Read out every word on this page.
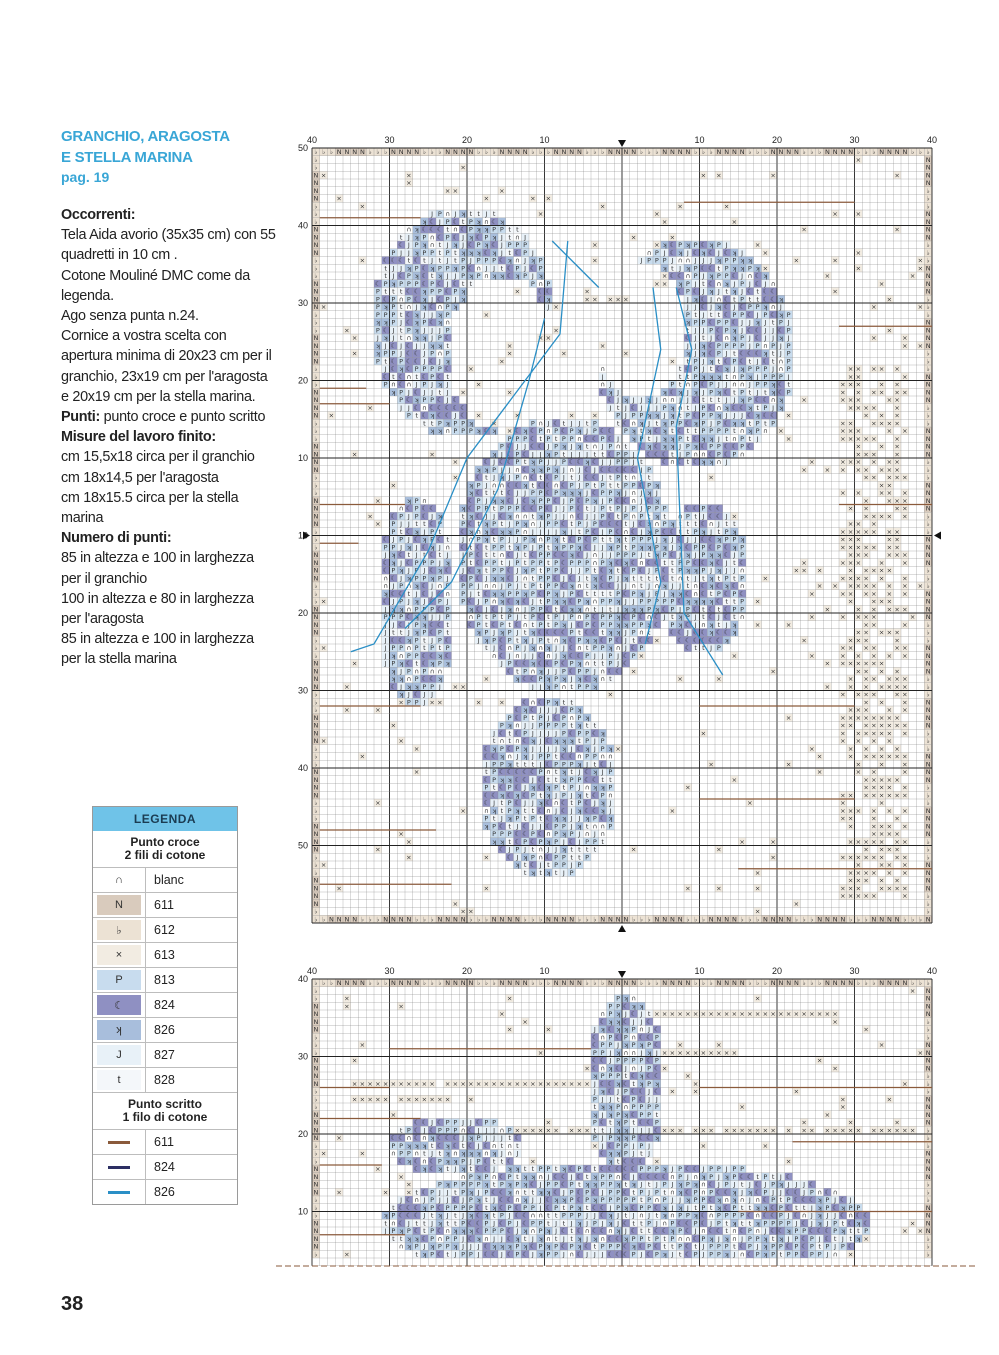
GRANCHIO, ARAGOSTA
E STELLA MARINA
pag. 19

Occorrenti:

Tela Aida avorio (35x35 cm) con 55 quadretti in 10 cm .

Cotone Mouliné DMC come da legenda.

Ago senza punta n.24.

Cornice a vostra scelta con apertura minima di 20x23 cm per il granchio, 23x19 cm per l'aragosta e 20x19 cm per la stella marina.

Punti: punto croce e punto scritto

Misure del lavoro finito:

cm 15,5x18 circa per il granchio

cm 18x14,5 per l'aragosta

cm 18x15.5 circa per la stella marina

Numero di punti:

85 in altezza e 100 in larghezza per il granchio

100 in altezza e 80 in larghezza per l'aragosta

85 in altezza e 100 in larghezza per la stella marina

LEGENDA
Punto croce
2 fili di cotone
∩	blanc
N	611
♭	612
×	613
P	813
☾	824
ʞ	826
J	827
t	828
Punto scritto
1 filo di cotone
611
824
826
♭ ♭ ♭ N N N N ♭ ♭ ♭ N N N N ♭ ♭ ♭ N N N N ♭ ♭ ♭ N N N N ♭ ♭ ♭ N N N N ♭ ♭ ♭ N N N N ♭ ♭ ♭ N N N N ♭ ♭ ♭ N N N N ♭ ♭ ♭ N N N N ♭ ♭ ♭ N N N N ♭ ♭ ♭ N N N N ♭ ♭ ♭
♭	×	N
♭	×	N
N ×	×	× ×	×	×	N
N	×	N
N	× ×	×	♭
N	×	×	× ×	♭
♭	×	×	×	×	♭
♭	J P ∩ J ʞ t t J t	×	×	×	×	N
♭	ʞ ☾ J P ☾ t P ʞ ∩ ☾ ʞ	×	×	N
N	∩ ʞ ☾ ☾ ☾ t ∩ ☾ P ʞ ʞ P P t t	×	×	N
N	t J ʞ P ∩ ☾ P ☾ J ʞ ☾ P ʞ J t ∩ J	×	×	N
N	☾ J P ʞ ∩ t J ʞ J ☾ P ʞ ☾ J P P P	×	× ʞ ☾ P ʞ P ☾ ʞ P J	×	♭
N	P J J ʞ P P t P t ʞ ʞ ʞ ☾ ʞ J t ☾ P J	∩ P J ☾ ʞ J ☾ ʞ ☾ J ☾ ʞ J	×	×	♭
♭	×	☾ ☾ ☾ t ☾ t J t J t P J P P P ☾ ʞ ∩ J ʞ P	×	J P P P J ∩ ∩ J J J ʞ P P ʞ ʞ	×	×	× ♭
♭	t J J ʞ P ☾ ʞ P P ʞ P ☾ ∩ J J t ☾ P J ☾ P	ʞ t J ʞ P ☾ ☾ t P ʞ ʞ P ʞ ×	×	× N
♭	t J ☾ P ʞ ☾ t ʞ J J P ʞ P ∩ ʞ ʞ ☾ ʞ P J ʞ	× ☾ ☾ ∩ P J ʞ P P ☾ J ∩ ☾ ʞ	×	× N
N	☾ P ʞ P P P ☾ P ☾ J ☾ t t	P ∩ P	× × ʞ P J t ☾ ∩ ʞ J P J ☾ J ∩	×	N
N	P t t t ☾ ☾ ʞ P P ☾ P ʞ	×	☾ ☾	×	☾ P ☾ J ʞ J t ʞ J ☾ t ☾ ☾	×	N
N	P ☾ P ∩ P ☾ ʞ J ☾ P J ʞ	☾ ʞ	× × × × ×	J ʞ ☾ J ∩ ☾ t P t t ☾ ☾ ʞ	×	♭
N ×	P ʞ P t ∩ J ʞ ☾ ∩ P ʞ	J ×	J J ☾ J ʞ ☾ J ☾ P P ʞ ∩ J	×	× ♭
♭	P P P t ☾ ʞ J J ʞ P	×	P t J t t ☾ P P ☾ J P ☾ ʞ P	♭
♭	ʞ ʞ P J ☾ ʞ P ☾ ʞ ∩	ʞ P P ☾ P P ☾ J J ʞ J t P J	N
♭	×	P ☾ J t P ʞ J J J P	×	t J J P ☾ P ʞ J ☾ ☾ J J ☾ P	×	N
N	×	J ʞ J t ∩ ʞ ʞ J P ☾	× ×	☾ J t J ☾ ∩ ʞ P J ☾ J J ʞ J	×	×	N
N	ʞ J ☾ J ☾ J J ʞ ʞ t	×	×	J J ʞ ☾ P P P P J P ∩ P J P	× × N
N	×	ʞ P P J ☾ ☾ J P ∩ P	×	×	×	ʞ J ʞ ☾ P J t ☾ ☾ ☾ ʞ t J P	♭
N	P t ☾ P ☾ ☾ J ☾ J ʞ	×	× t P J ʞ t ☾ P ☾ t J ☾ t ∩ P	♭
♭	J ☾ ʞ ☾ P P P P ☾	×	∩	t ☾ P J t ☾ ʞ J ʞ P P P J ∩ P	× × × × ×	♭
♭	☾ t ☾ ∩ t ☾ P ☾ t	J	t t P ʞ ʞ ʞ t ∩ P ʞ J P P P J	× ×	×	N
♭	P ∩ ☾ ∩ J P J ʞ J	×	∩ J	P t ∩ P ☾ P J J ∩ ∩ J P P ʞ ☾ t	× × ×	× ×	N
N	ʞ P J ☾ J J t J ×	×	☾ ʞ J	ʞ ☾ ʞ J ʞ J P ʞ ☾ t P t J t ʞ ☾ P	× × × × × ×	N
N	P ☾ ʞ P P ☾ J ☾	☾ J ʞ J J ʞ J ∩ ∩ J J ☾ t t t J J ʞ P ☾ ☾ ∩ ʞ	×	× × ×	× ×	N
N	×	J J ☾ ∩ ☾ ☾ ☾ ☾ ☾	J t J ☾ J J J P ʞ ∩ t J P ☾ ∩ ʞ ☾ ☾ ʞ t P J ʞ	× × × ×	×	♭
N ×	P t ☾ ʞ ☾ ☾ J ☾ ×	×	×	×	P J P P ʞ ʞ J ʞ t P ☾ P P ʞ J J J ☾ ʞ ☾ ☾ ×	× × ×	♭
♭	t t P ʞ P P ʞ	×	P ∩ J ☾ t J J t P	t ☾ ∩ ʞ J t ʞ P P ☾ ʞ P J P ☾ ʞ ʞ t P t P	× ×	× × × ×	♭
♭	ʞ ʞ ∩ P P P ʞ ☾ ʞ × ☾ ʞ ☾ P ∩ P ☾ P ʞ J P ☾ ☾ P ʞ t ʞ ☾ ʞ t ☾ t t P P P P t ∩ ʞ P ∩ ×	× × ×	× ×	N
♭	P P P ☾ t P t P P ∩ ☾ ☾ P ☾ J ʞ P t J ʞ ʞ P t ☾ ʞ ʞ J t ∩ P t J	×	× × × × ×	×	N
N	P ☾ J J ☾ ☾ J P ʞ J ʞ t ∩ J P ∩ t ☾ ʞ ☾ ʞ ʞ J P ʞ ☾ P P ☾ ☾ P ☾	×	× ×	N
N	×	×	ʞ J ☾ P ☾ J J ʞ P t J J J t t ☾ P P J ☾ ☾ ☾ t J P ∩ ∩ ☾ P ☾ P ∩	× × ×	×	N
N	×	☾ J ☾ ☾ P t ʞ P J J P ☾ ☾ ʞ ☾ J J P P J t	☾ ∩ ☾ t ☾ ʞ ʞ ∩ J	×	× × × × × ×	♭
N	ʞ ʞ P J J ∩ ☾ ʞ ʞ P ʞ J ∩ J ☾ J ☾ ☾ ☾ ☾ ☾ J P	×	× × × × × × ×	♭
♭	×	☾ t J ʞ J P ∩ ☾ t ☾ P J t J ☾ ☾ J t P t ∩ J t	×	× × × × ×	♭
♭	×	ʞ P J ∩ ∩ ☾ ☾ ʞ t ☾ ☾ ∩ ☾ P J P t P t t P P ☾ P ʞ	× ×	N
♭	ʞ ☾ t t t ☾ J J P P ☾ P ʞ ʞ ʞ J ☾ P P ʞ J ∩ J ʞ J	× ×	× × ×	N
N	×	ʞ P ∩	☾ P J ʞ ʞ ☾ J ☾ ʞ P P ☾ J P ☾ P ʞ J P ☾ ☾ ∩ J ☾ ʞ	×	× × ×	N
N	∩ ☾ P ☾ ☾	ʞ ☾ P P t P P P ☾ ☾ P ☾ J J P ☾ t J P t P J P J P P P	☾ ☾ P ☾ ☾	× ×	× ×	N
N	×	☾ P J P ☾ J ʞ	t ʞ ☾ J J ☾ ʞ ∩ ∩ t ʞ P J J ∩ ☾ J J P ☾ t P ∩ P t ʞ t ∩ P t J ☾ ☾ J ×	× × × × ×	♭
N	× P J J t t ☾ P	P ☾ t ʞ P t J P ʞ ∩ J P P ☾ t P J P ☾ ☾ ☾ t J ☾ ʞ ∩ P ʞ t t t ☾ ∩ J t t	× × ×	♭
♭	P t ☾ ʞ J P t	☾ ʞ ∩ ʞ ☾ ʞ ʞ P ∩ J J J J ʞ J t P ☾ J P ☾ ∩ ☾ J ʞ P ☾ ☾ t t P ʞ J t P ʞ	× × × × × × ×	♭
♭	☾ J P J ☾ ʞ P ☾ t J ∩ P ʞ t P J J P ʞ ∩ P ʞ t ☾ P ☾ P t t ʞ t P P P J ʞ J ☾ J J ☾ ☾ ʞ P P ʞ	× × ×	× ×	N
♭	P P J ʞ J ☾ ʞ J ∩ ☾ t ☾ t P P t ʞ P J P t ʞ P P ʞ ☾ J J ʞ P t P ʞ ʞ P ʞ J ʞ ☾ P P ☾ P ☾ ʞ P	× × × × × × ×	N
N	J ʞ ☾ t J t ☾ t J J P ☾ t t ∩ ☾ J t ☾ P P ☾ ☾ ʞ ☾ J ∩ J J P P P J t ʞ P ☾ J ʞ J P ʞ ʞ ☾ J P	× × ×	× × ×	N
N	☾ ʞ J ☾ P P P J ʞ P t ☾ P P t J P t P P t P ☾ P P P ∩ P ʞ ☾ ʞ ☾ ∩ ☾ ☾ t t P P ☾ ☾ ʞ ☾ J t ☾	×	× × ×	×	×	N
N	☾ P ʞ J P J ☾ ʞ ☾ J ☾ ʞ t P P ☾ J ʞ P t P P ☾ J J P t ☾ ʞ t ☾ P ☾ J P ☾ t P ʞ ʞ P J ʞ J J ∩	× × ×	× × × × ×	♭
N	∩ ☾ J ʞ P P ʞ P J ☾ P ☾ J ʞ ʞ ☾ J ∩ t P P ☾ J ☾ J t ʞ ☾ P J ʞ t t t t ☾ t ∩ t J t ʞ t P t P	×	× × × × ×	×	♭
♭	∩ J P ∩ ʞ ☾ J ∩ P P P J ∩ ∩ J P J t P t P P ☾ ʞ ∩ t ʞ ☾ ☾ J J ∩ t J ∩ ʞ J J t ∩ ☾ ʞ ☾ ʞ ☾ ∩	× × × × × × × × × ♭
♭	ʞ ☾ ☾ t J ☾ J ☾ ∩ P J t ☾ ʞ ʞ P P ʞ P ☾ P ʞ J P ☾ t t t t P ☾ P ʞ J P J ʞ ʞ ☾ ∩ ☾ t P ☾ P ☾	×	× × × × × ×	N
♭ ×	☾ J P J ʞ J ☾ P J P ☾ J P ∩ ʞ ☾ ʞ ☾ J t P ʞ ʞ ☾ P ʞ ∩ P P ʞ J J P P P P P ☾ ʞ ʞ ʞ ʞ ☾ t t P ×	×	× × ×	N
N	J ʞ ʞ ∩ P P P ☾ P	ʞ ☾ J ☾ J ʞ ∩ J P P ☾ t ☾ ʞ ʞ ∩ t J t J ʞ ʞ ʞ P ʞ ☾ P J P ☾ t ☾ t ☾ P P	×	× × × × ×	N
N	P P P ☾ ʞ ʞ J J P	∩ P t P t P J t P ☾ t P J P ∩ P ☾ P P ʞ ☾ P ☾ ∩ ☾ J t ʞ P J t ☾ J ☾ t ∩	×	× × × ×	× N
N	J J ☾ J P ʞ ☾ ☾ t	☾ P t ☾ P t ☾ ∩ t P t P ʞ J ☾ P ☾ P P ʞ ʞ P P ʞ ☾ P ʞ ☾ J ∩ ʞ t J ʞ	×	×	× ×	×	♭
N	J t t J ʞ P ☾ P t	ʞ P J ʞ P J t ʞ ☾ ☾ ☾ ☾ P t ☾ ☾ t ʞ ʞ J P ∩ t	☾ ☾ J ☾ ☾ ʞ ☾ ☾ ʞ	× × × × ×	♭
♭	J ☾ ☾ ʞ P t J P ☾	J ʞ P ☾ P t ʞ J P t ∩ ʞ ☾ P ʞ ʞ ☾ P ☾ J t ☾ ☾ ×	☾ ☾ ☾ ☾ ☾ ☾ ʞ	×	× × ×	×	♭
♭ ×	J P P ∩ P t P t P	t J ☾ ∩ P J ʞ ∩ ʞ J J ☾ ∩ t P P ʞ ∩ J ☾ P	☾ t t J P	× × × ×	× ×	N
♭	J ʞ ∩ P P ☾ ☾ ʞ ☾	∩ ☾ J ∩ J J ☾ ∩ J ʞ ☾ ☾ P J J P J ☾ P ×	×	×	× × × × ×	N
N	×	J P ʞ ☾ t ☾ ʞ P ʞ	J P ☾ ☾ ʞ ☾ ☾ P ☾ P ʞ ∩ t t P J ☾	× × × × × × ×	N
N	ʞ J P ∩ P ∩ ∩	☾ t P ∩ ʞ J J P ☾ P P J ∩ ☾ ☾ ×	×	× × × ×	N
N	ʞ ʞ ∩ P ☾ ☾ ʞ	×	ʞ ☾ ☾ P ʞ P ʞ J ʞ ☾ ʞ ∩ t	×	×	× × × × × ×	♭
N	×	☾ J ʞ ʞ P P J × ×	J J ʞ P ∩ t P P ʞ	×	× × × × × ×	♭
♭	ʞ J ☾ J J	×	× × × ×	× ×	♭
♭	× P P J × ×	×	×	☾ ∩ ☾ P ʞ t t	× ×	×	N
♭	×	×	☾ ʞ ☾ J J J ☾ P ʞ	× × ×	× ×	N
N	P ☾ P t P J ☾ P ∩ P ʞ	×	× × × × × × × ×	N
N	×	P ʞ ∩ J J P P P P t ʞ t t	× × × × × × × ×	N
N	J ☾ t ☾ P J J J J P ☾ P P ☾ ʞ	×	× × × × × × ×	♭
N ×	×	t ∩ t ∩ ☾ ʞ J ☾ ʞ ʞ ʞ t P J P	× × × ×	♭
♭	×	☾ ʞ P ☾ P ʞ J J J J ʞ J ☾ ʞ J P ʞ ×	×	× × × ×	♭
♭	×	☾ ☾ ʞ ∩ J ʞ J P P t ☾ ☾ ∩ P P ∩ ∩	×	× × × × × × ×	N
♭	J P P ʞ t t t J ☾ P P P ʞ J t ☾ J	×	×	×	×	×	N
N	×	t P ☾ ☾ ☾ ☾ ☾ P ∩ t ʞ t J ☾ ʞ J P	×	× ×	×	N
N	☾ P ʞ ʞ ☾ ☾ J ☾ t t ʞ P P ☾ ☾ t t	×	× × × × ×	N
N	P t ☾ P ☾ J ʞ ☾ ʞ P t P J ∩ ʞ ʞ P	×	× × × × ×	♭
N	☾ ☾ ʞ ☾ ʞ ☾ P t ʞ J P J ʞ t ☾ P ∩	× × × × × × × ×	♭
♭	×	☾ J t P ☾ J J ʞ ☾ ∩ ☾ t P ☾ J ʞ J	×	×	×	♭
♭	×	∩ ʞ t P ʞ t t ☾ ∩ J ☾ J ʞ ☾ ☾ ʞ J	×	× × × × × ×	N
♭	P t J ʞ P t P t ☾ ʞ ʞ J J ʞ P ☾ ʞ	× ×	×	×	N
N	ʞ P ☾ t J ☾ J J ☾ P P J ʞ t ∩ ∩ P	×	× × × ×	N
N	×	P P P ☾ ☾ P ☾ ∩ P ʞ P J ∩ J ∩	× × × ×	N
N	×	ʞ ʞ t ☾ P ☾ P ʞ P J ☾ J P P t	×	×	× × × × × × ×	♭
N	×	☾ J P J t ∩ J J ʞ t t t t	×	×	× × × ×	♭
♭	×	×	☾ J ʞ P ∩ ☾ P P t t P	×	× × × × × × × ×	♭
♭ ×	ʞ t ☾ J t P P J P	×	× × ×	N
♭	t ʞ t ʞ t J P	×	× × × × × ×	N
N	× × × × ×	N
N	×	×	×	×	×	× × ×	× × × ×	N
N	× × × × ×	×	♭
N	×	×	♭
♭	× ×	×	♭
♭ ♭ N N N N ♭ ♭ ♭ N N N N ♭ ♭ ♭ N N N N ♭ ♭ ♭ N N N N ♭ ♭ ♭ N N N N ♭ ♭ ♭ N N N N ♭ ♭ ♭ N N N N ♭ ♭ ♭ N N N N ♭ ♭ ♭ N N N N ♭ ♭ ♭ N N N N ♭ ♭ ♭ N N N N ♭ ♭ ♭ N
40	30	20	10	10	20	30	40
50
40
30
20
10
10
20
30
40
50
♭ ♭ ♭ N N N N ♭ ♭ ♭ N N N N ♭ ♭ ♭ N N N N ♭ ♭ ♭ N N N N ♭ ♭ ♭ N N N N ♭ ♭ ♭ N N N N ♭ ♭ ♭ N N N N ♭ ♭ ♭ N N N N ♭ ♭ ♭ N N N N ♭ ♭ ♭ N N N N ♭ ♭ ♭ N N N N ♭ ♭ ♭
♭	× N
♭	×	×	P ʞ ∩	×	N
N	×	×	P P ☾ ʞ ʞ	N
N	×	∩ P ʞ J ☾ J t × × × × × × × × × × × × × × × × × × × × × × × ×	N
N	×	☾ ʞ ʞ ☾ J J ☾	×	♭
N	×	×	J ʞ ☾ ʞ ʞ P ∩ J ☾	×	♭
♭	☾ ∩ P ☾ P ∩ ☾ ☾ P	♭
♭	×	☾ P P J ʞ P ʞ P ☾	×	×	×	N
♭	×	P P J ʞ ∩ ∩ J ʞ J × × × × × × × × × ×	× N
N	×	☾ ☾ J P P P P ☾ P	×	N
N	× ☾ ∩ ʞ ☾ J ∩ J P ☾ ×	×	N
N	ʞ P P P t ☾ ʞ ☾ ☾	×	♭
N	× × × × × × × × × × × × × × × × × × × × × × × × × × × × × × J ☾ ☾ ʞ ☾ t ʞ P ʞ	×	×	♭
♭	J ʞ ☾ J P ☾ ☾ J ☾ ×	×	×	♭
♭	× × × × × × × × × × × ×	×	P J J t ☾ P ☾ J J	×	×	N
♭	t ʞ ʞ P ∩ P P P P	×	×	N
N	×	ʞ J ʞ P ʞ ☾ P P t	×	N
N	☾ ☾ J ☾ P P J J ☾ P P	×	P ☾ t ʞ P t ☾ ☾ P	×	×	×	N
N	t P ☾ J ☾ P P P ∩ ☾ J J J ∩ P × × × × × × × × × t t J ʞ ʞ J J J ☾ × × × × × × × × × × × × × × × × × × × × × × × × × × × ♭
N	×	☾ ☾ ∩ ☾ ∩ ʞ ☾ ☾ ☾ J ʞ P J J J t ☾	P J P ʞ ʞ P ☾ ☾ ʞ	♭
♭	P P ʞ ʞ ʞ t ☾ ʞ ☾ t ☾ J ☾ ∩ t ∩ t	× J ☾ P P J P J	×	×	♭
♭ ×	×	∩ P P ∩ t J t ʞ ∩ ʞ ʞ ʞ ∩ ʞ J ∩ J	☾ ʞ ʞ P J t J	N
♭	☾ ʞ ☾ ∩ ☾ P ʞ ʞ P J P ☾ t t ☾	×	ʞ t ☾ ☾ ☾ ×	×	N
N	×	☾ ʞ ☾ ʞ t J ʞ t ☾ ☾ J ʞ ʞ t t P P t ʞ ☾ P ☾ t ☾ ☾ ☾ ☾ ☾ P P P ʞ J P ☾ ☾ J P P J P P	N
N	×	∩ P ʞ P ∩ ☾ P t ʞ ʞ ∩ J ☾ ☾ J ☾ t ʞ P P ∩ ☾ J ☾ ☾ ☾ ☾ ∩ P J ∩ ʞ P J ʞ P ☾ ☾ t P t J ☾	N
N	×	P ʞ P P P P ʞ t P ʞ P ʞ ☾ J P P ☾ P t ʞ ʞ P P ʞ t ʞ J t J P J ʞ P ʞ ∩ ☾ J P J t J ☾ J P ʞ J J J ☾	♭
N	×	×	× t ☾ P J J t P ʞ J P ☾ ☾ ʞ ∩ t t ʞ ʞ ☾ J P ☾ P ☾ J P P ☾ t P J P t ∩ ʞ ☾ P ∩ P ☾ ☾ ʞ J ʞ ☾ P J J ☾ ☾ J P ∩ ☾ ∩	♭
♭	J ☾ ∩ J P J J ☾ J P ʞ t J ☾ ☾ ∩ ʞ J J ☾ ʞ ʞ P ☾ P ʞ P P P P P t P ∩ P J J ʞ P P ☾ ʞ ∩ ʞ ∩ J ∩ ☾ P t P ☾ ☾ ☾ ʞ P J ☾ J	♭
♭	t ☾ ☾ ☾ ʞ P ☾ P P P P ☾ t ʞ ☾ P ☾ P P J ☾ P t P ʞ t ☾ ☾ J P ʞ ☾ P P ☾ ʞ J ʞ J t P t ʞ ☾ P t t ʞ ʞ ☾ P ☾ t t J ʞ P ☾ ʞ P P	N
♭	ʞ P ☾ ☾ ☾ J t ʞ J t J ʞ ☾ ʞ t P J ☾ ☾ ∩ ∩ t t P P P J J ☾ ʞ J t J ∩ J t ʞ ∩ P P ʞ ☾ ∩ P P P P ☾ ∩ ☾ ☾ P J ☾ ∩ J ʞ J J ☾ ∩ ☾ ☾	N
N	t ∩ ☾ J t t J ʞ t t P ☾ ☾ P J ☾ P J ☾ P P t J t J ʞ J P J ʞ J ☾ t t P J ∩ P ☾ ☾ P ☾ J P t ʞ t t ʞ P P P P J ☾ J ʞ J P t ☾ ʞ ☾	× N
N	J P ʞ P ☾ t P ☾ ∩ ʞ ʞ ʞ ☾ P P P ☾ J ʞ ∩ P ʞ J ☾ t ☾ ∩ ☾ ☾ ∩ ʞ J ☾ t t ☾ ☾ ʞ P ☾ J ∩ ☾ ☾ t ∩ ☾ P ∩ J ☾ ☾ ʞ P P ☾ ☾ ☾ P ʞ t t P	× × N
N	t t ʞ ʞ ☾ P ∩ P P J ☾ ʞ ∩ J J ☾ ʞ t J ʞ ∩ t J t ʞ J ʞ ∩ ☾ ☾ ʞ P P t P t P ∩ ∩ ☾ P ʞ J ʞ ∩ J P P ʞ t ʞ J P ☾ P J ☾ t J t ʞ ×	♭
N	∩ ʞ P J ʞ P P ʞ J J J ☾ ʞ ʞ ʞ P ʞ ☾ P ʞ P ☾ P ʞ ☾ t P P P ☾ ʞ ☾ P ☾ t t P ☾ t J P P P t ☾ P J ʞ P P ☾ P ☾ P t P J P ☾	♭
♭	×	t ʞ P ☾ t J P P J ☾ ☾ J ☾ P ☾ J ʞ P P J ∩ ☾ J J J ☾ ☾ ☾ P J ☾ P ʞ J t ☾ P J P P ʞ J ∩ ☾ P ʞ P t P P ☾ P P J ∩ ×	♭
40	30	20	10	10	20	30	40
40
30
20
10
38
